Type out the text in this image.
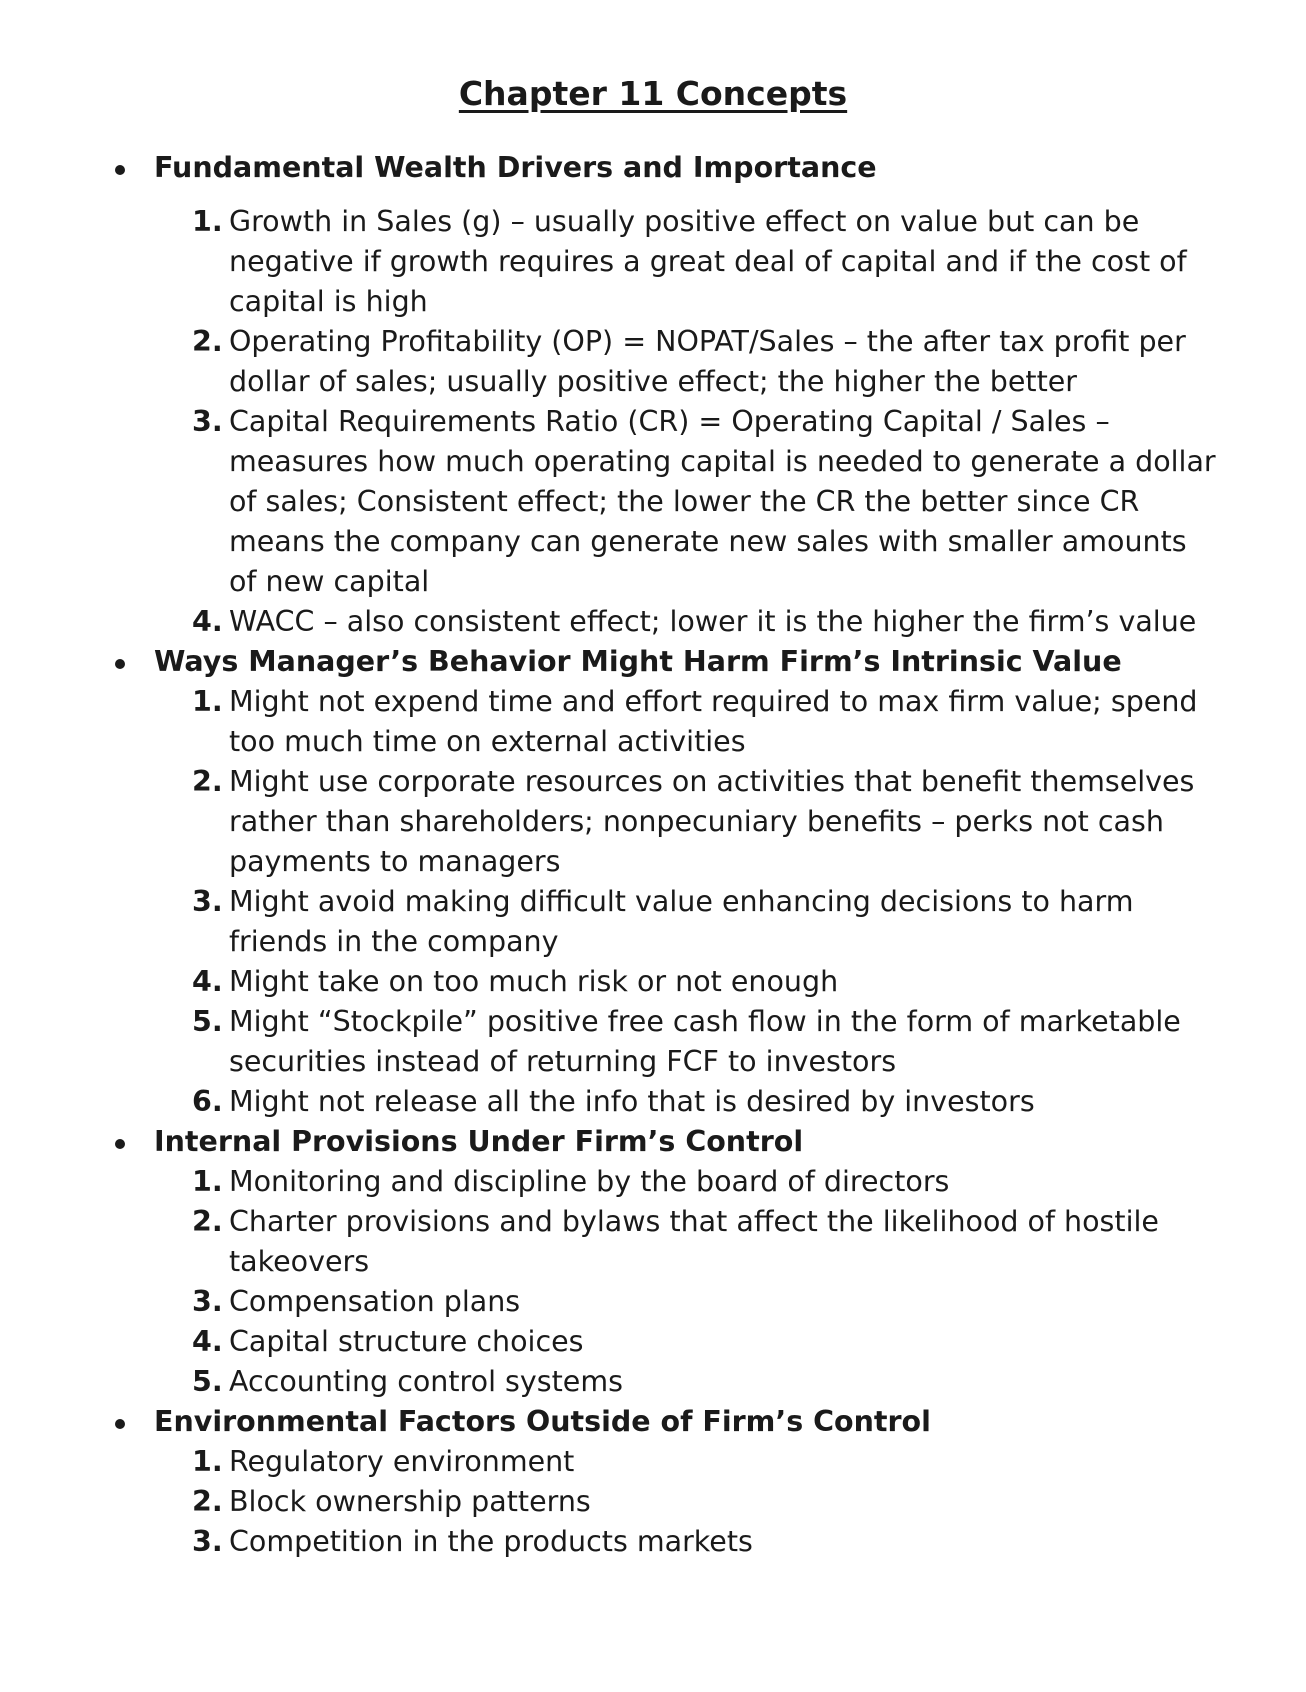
Chapter 11 Concepts
Fundamental Wealth Drivers and Importance
1. Growth in Sales (g) – usually positive effect on value but can be negative if growth requires a great deal of capital and if the cost of capital is high
2. Operating Profitability (OP) = NOPAT/Sales – the after tax profit per dollar of sales; usually positive effect; the higher the better
3. Capital Requirements Ratio (CR) = Operating Capital / Sales – measures how much operating capital is needed to generate a dollar of sales; Consistent effect; the lower the CR the better since CR means the company can generate new sales with smaller amounts of new capital
4. WACC – also consistent effect; lower it is the higher the firm’s value
Ways Manager’s Behavior Might Harm Firm’s Intrinsic Value
1. Might not expend time and effort required to max firm value; spend too much time on external activities
2. Might use corporate resources on activities that benefit themselves rather than shareholders; nonpecuniary benefits – perks not cash payments to managers
3. Might avoid making difficult value enhancing decisions to harm friends in the company
4. Might take on too much risk or not enough
5. Might “Stockpile” positive free cash flow in the form of marketable securities instead of returning FCF to investors
6. Might not release all the info that is desired by investors
Internal Provisions Under Firm’s Control
1. Monitoring and discipline by the board of directors
2. Charter provisions and bylaws that affect the likelihood of hostile takeovers
3. Compensation plans
4. Capital structure choices
5. Accounting control systems
Environmental Factors Outside of Firm’s Control
1. Regulatory environment
2. Block ownership patterns
3. Competition in the products markets
